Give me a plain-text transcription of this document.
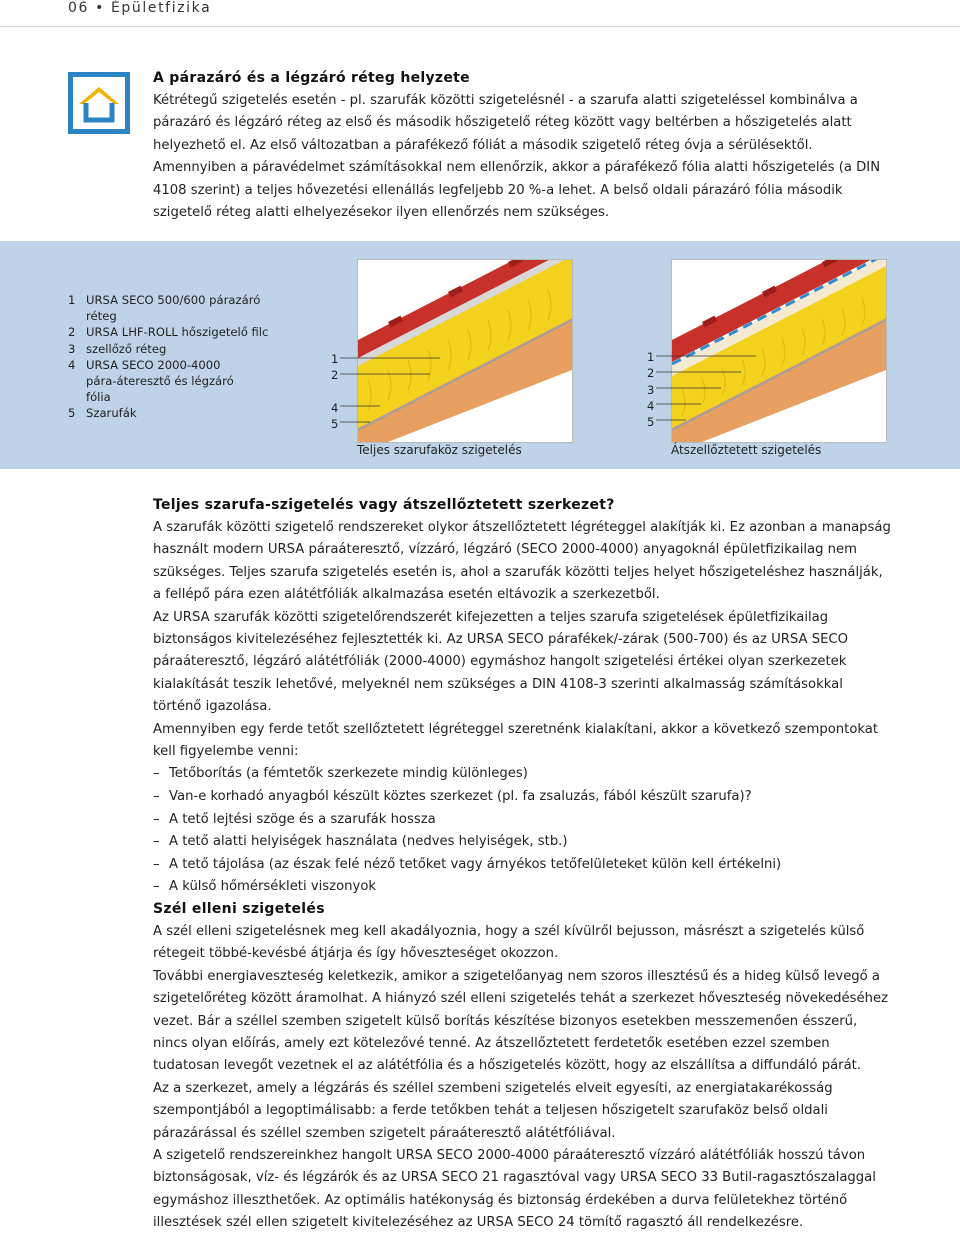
06 • Épületfizika
A párazáró és a légzáró réteg helyzete

Kétrétegű szigetelés esetén - pl. szarufák közötti szigetelésnél - a szarufa alatti szigeteléssel kombinálva a párazáró és légzáró réteg az első és második hőszigetelő réteg között vagy beltérben a hőszigetelés alatt helyezhető el. Az első változatban a párafékező fóliát a második szigetelő réteg óvja a sérülésektől. Amennyiben a páravédelmet számításokkal nem ellenőrzik, akkor a párafékező fólia alatti hőszigetelés (a DIN 4108 szerint) a teljes hővezetési ellenállás legfeljebb 20 %-a lehet. A belső oldali párazáró fólia második szigetelő réteg alatti elhelyezésekor ilyen ellenőrzés nem szükséges.

1 URSA SECO 500/600 párazáró réteg
2 URSA LHF-ROLL hőszigetelő filc
3 szellőző réteg
4 URSA SECO 2000-4000 pára-áteresztő és légzáró fólia
5 Szarufák
1
2
4
5
Teljes szarufaköz szigetelés
1
2
3
4
5
Átszellőztetett szigetelés
Teljes szarufa-szigetelés vagy átszellőztetett szerkezet?

A szarufák közötti szigetelő rendszereket olykor átszellőztetett légréteggel alakítják ki. Ez azonban a manapság használt modern URSA páraáteresztő, vízzáró, légzáró (SECO 2000-4000) anyagoknál épületfizikailag nem szükséges. Teljes szarufa szigetelés esetén is, ahol a szarufák közötti teljes helyet hőszigeteléshez használják, a fellépő pára ezen alátétfóliák alkalmazása esetén eltávozik a szerkezetből.

Az URSA szarufák közötti szigetelőrendszerét kifejezetten a teljes szarufa szigetelések épületfizikailag biztonságos kivitelezéséhez fejlesztették ki. Az URSA SECO párafékek/-zárak (500-700) és az URSA SECO páraáteresztő, légzáró alátétfóliák (2000-4000) egymáshoz hangolt szigetelési értékei olyan szerkezetek kialakítását teszik lehetővé, melyeknél nem szükséges a DIN 4108-3 szerinti alkalmasság számításokkal történő igazolása.

Amennyiben egy ferde tetőt szellőztetett légréteggel szeretnénk kialakítani, akkor a következő szempontokat kell figyelembe venni:

– Tetőborítás (a fémtetők szerkezete mindig különleges)
– Van-e korhadó anyagból készült köztes szerkezet (pl. fa zsaluzás, fából készült szarufa)?
– A tető lejtési szöge és a szarufák hossza
– A tető alatti helyiségek használata (nedves helyiségek, stb.)
– A tető tájolása (az észak felé néző tetőket vagy árnyékos tetőfelületeket külön kell értékelni)
– A külső hőmérsékleti viszonyok
Szél elleni szigetelés

A szél elleni szigetelésnek meg kell akadályoznia, hogy a szél kívülről bejusson, másrészt a szigetelés külső rétegeit többé-kevésbé átjárja és így hőveszteséget okozzon.

További energiaveszteség keletkezik, amikor a szigetelőanyag nem szoros illesztésű és a hideg külső levegő a szigetelőréteg között áramolhat. A hiányzó szél elleni szigetelés tehát a szerkezet hőveszteség növekedéséhez vezet. Bár a széllel szemben szigetelt külső borítás készítése bizonyos esetekben messzemenően ésszerű, nincs olyan előírás, amely ezt kötelezővé tenné. Az átszellőztetett ferdetetők esetében ezzel szemben tudatosan levegőt vezetnek el az alátétfólia és a hőszigetelés között, hogy az elszállítsa a diffundáló párát.

Az a szerkezet, amely a légzárás és széllel szembeni szigetelés elveit egyesíti, az energiatakarékosság szempontjából a legoptimálisabb: a ferde tetőkben tehát a teljesen hőszigetelt szarufaköz belső oldali párazárással és széllel szemben szigetelt páraáteresztő alátétfóliával.

A szigetelő rendszereinkhez hangolt URSA SECO 2000-4000 páraáteresztő vízzáró alátétfóliák hosszú távon biztonságosak, víz- és légzárók és az URSA SECO 21 ragasztóval vagy URSA SECO 33 Butil-ragasztószalaggal egymáshoz illeszthetőek. Az optimális hatékonyság és biztonság érdekében a durva felületekhez történő illesztések szél ellen szigetelt kivitelezéséhez az URSA SECO 24 tömítő ragasztó áll rendelkezésre.
